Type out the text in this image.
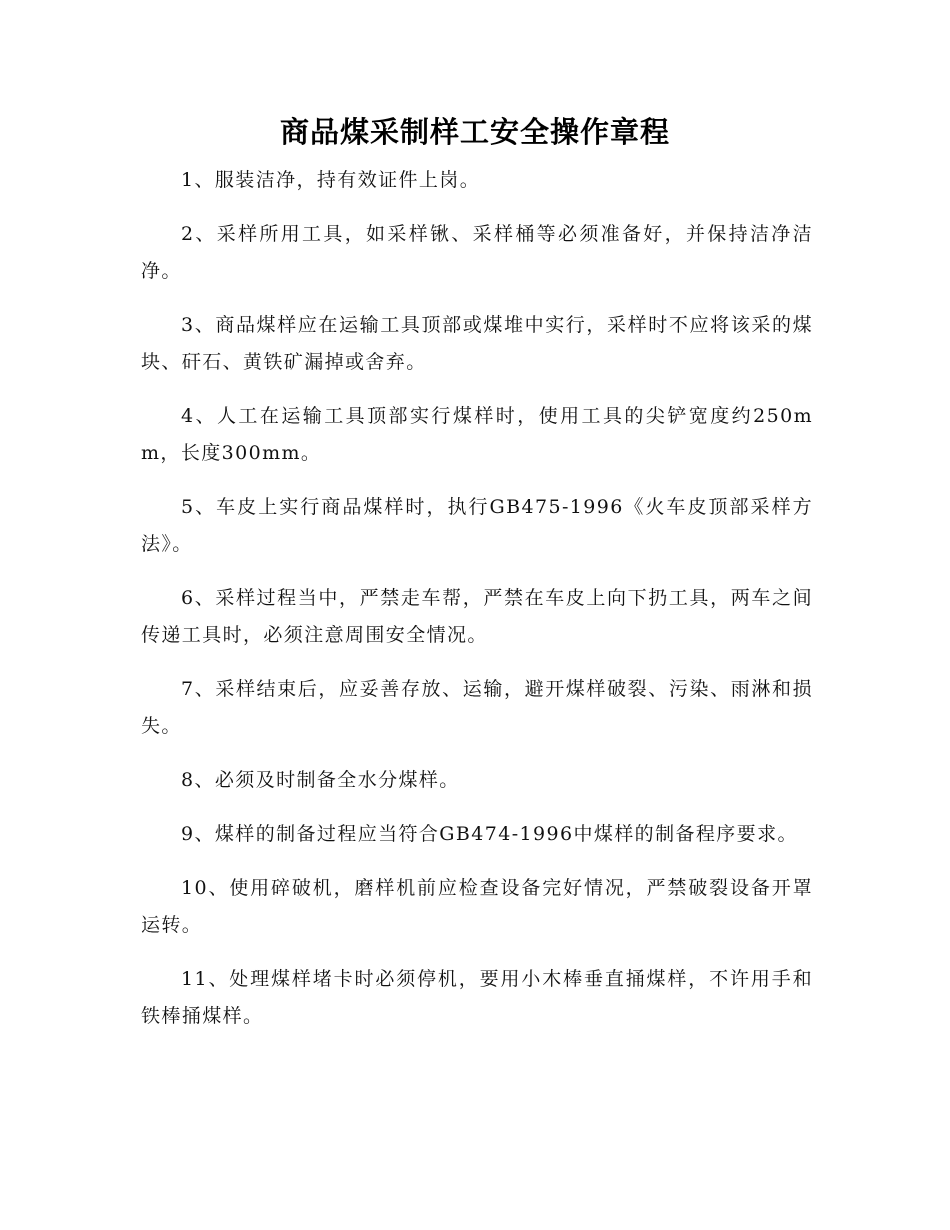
商品煤采制样工安全操作章程

1、服装洁净，持有效证件上岗。

2、采样所用工具，如采样锹、采样桶等必须准备好，并保持洁净洁净。

3、商品煤样应在运输工具顶部或煤堆中实行，采样时不应将该采的煤块、矸石、黄铁矿漏掉或舍弃。

4、人工在运输工具顶部实行煤样时，使用工具的尖铲宽度约250mm，长度300mm。

5、车皮上实行商品煤样时，执行GB475-1996《火车皮顶部采样方法》。

6、采样过程当中，严禁走车帮，严禁在车皮上向下扔工具，两车之间传递工具时，必须注意周围安全情况。

7、采样结束后，应妥善存放、运输，避开煤样破裂、污染、雨淋和损失。

8、必须及时制备全水分煤样。

9、煤样的制备过程应当符合GB474-1996中煤样的制备程序要求。

10、使用碎破机，磨样机前应检查设备完好情况，严禁破裂设备开罩运转。

11、处理煤样堵卡时必须停机，要用小木棒垂直捅煤样，不许用手和铁棒捅煤样。
